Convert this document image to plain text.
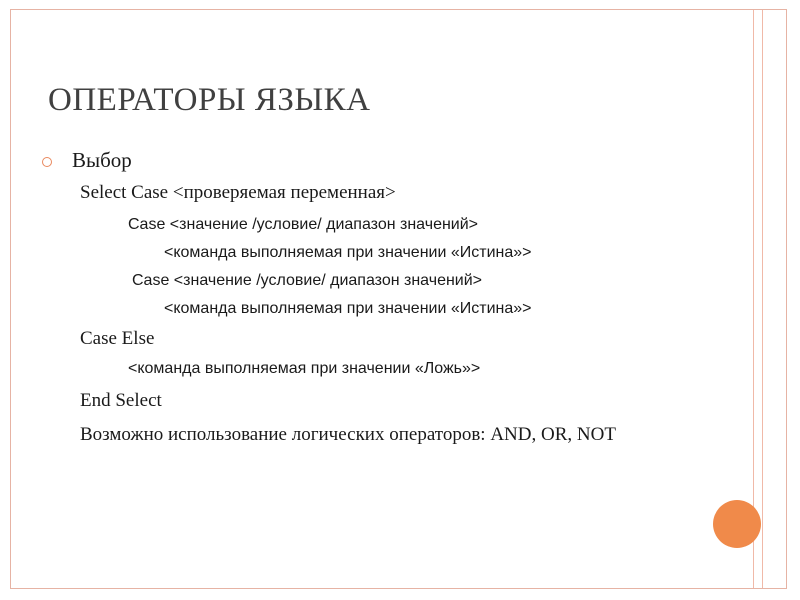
ОПЕРАТОРЫ ЯЗЫКА
Выбор
Select Case <проверяемая переменная>
Case <значение /условие/ диапазон значений>
<команда выполняемая при значении «Истина»>
Case <значение /условие/ диапазон значений>
<команда выполняемая при значении «Истина»>
Case Else
<команда выполняемая при значении «Ложь»>
End Select
Возможно использование логических операторов: AND, OR, NOT
